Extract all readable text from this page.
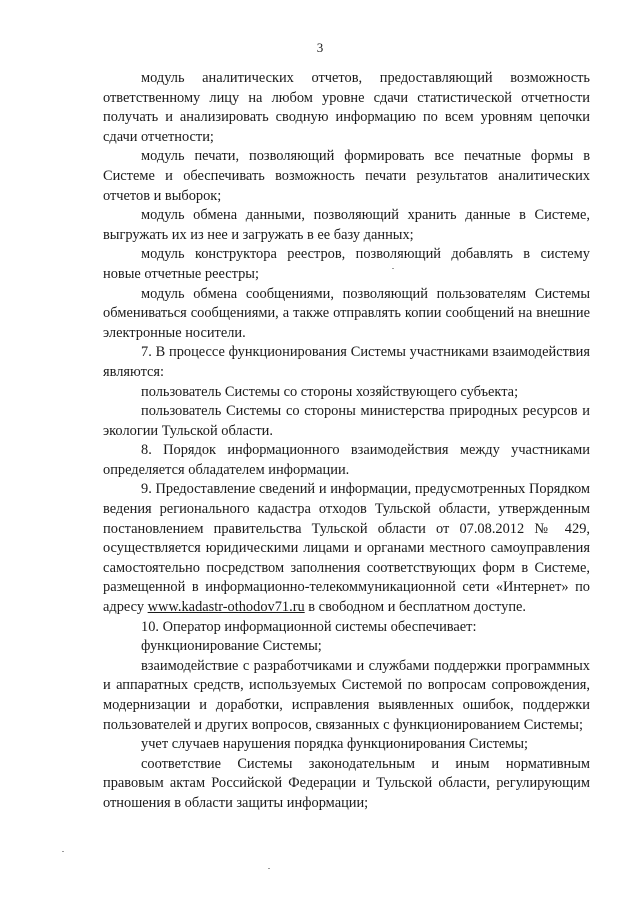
3

модуль аналитических отчетов, предоставляющий возможность ответственному лицу на любом уровне сдачи статистической отчетности получать и анализировать сводную информацию по всем уровням цепочки сдачи отчетности;

модуль печати, позволяющий формировать все печатные формы в Системе и обеспечивать возможность печати результатов аналитических отчетов и выборок;

модуль обмена данными, позволяющий хранить данные в Системе, выгружать их из нее и загружать в ее базу данных;

модуль конструктора реестров, позволяющий добавлять в систему новые отчетные реестры;

модуль обмена сообщениями, позволяющий пользователям Системы обмениваться сообщениями, а также отправлять копии сообщений на внешние электронные носители.

7. В процессе функционирования Системы участниками взаимодействия являются:

пользователь Системы со стороны хозяйствующего субъекта;

пользователь Системы со стороны министерства природных ресурсов и экологии Тульской области.

8. Порядок информационного взаимодействия между участниками определяется обладателем информации.

9. Предоставление сведений и информации, предусмотренных Порядком ведения регионального кадастра отходов Тульской области, утвержденным постановлением правительства Тульской области от 07.08.2012 № 429, осуществляется юридическими лицами и органами местного самоуправления самостоятельно посредством заполнения соответствующих форм в Системе, размещенной в информационно-телекоммуникационной сети «Интернет» по адресу www.kadastr-othodov71.ru в свободном и бесплатном доступе.

10. Оператор информационной системы обеспечивает:

функционирование Системы;

взаимодействие с разработчиками и службами поддержки программных и аппаратных средств, используемых Системой по вопросам сопровождения, модернизации и доработки, исправления выявленных ошибок, поддержки пользователей и других вопросов, связанных с функционированием Системы;

учет случаев нарушения порядка функционирования Системы;

соответствие Системы законодательным и иным нормативным правовым актам Российской Федерации и Тульской области, регулирующим отношения в области защиты информации;
